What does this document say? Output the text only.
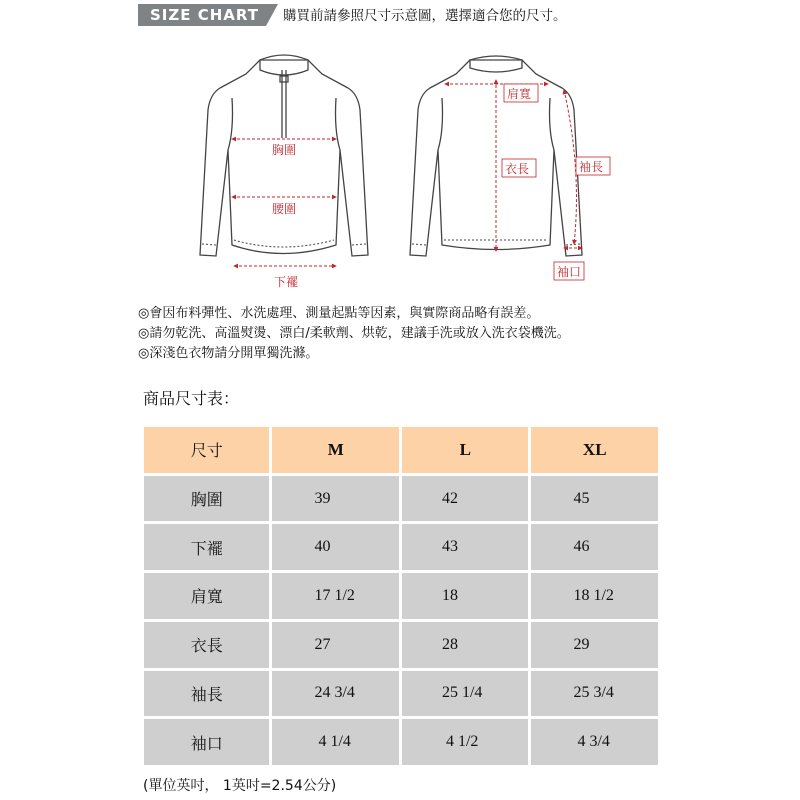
SIZE CHART 購買前請參照尺寸示意圖，選擇適合您的尺寸。
胸圍
腰圍
下襬
肩寬
衣長	袖長
袖口
◎會因布料彈性、水洗處理、測量起點等因素，與實際商品略有誤差。
◎請勿乾洗、高溫熨燙、漂白/柔軟劑、烘乾，建議手洗或放入洗衣袋機洗。
◎深淺色衣物請分開單獨洗滌。
商品尺寸表：
尺寸	M	L	XL
胸圍	39	42	45
下襬	40	43	46
肩寬	17 1/2	18	18 1/2
衣長	27	28	29
袖長	24 3/4	25 1/4	25 3/4
袖口	4 1/4	4 1/2	4 3/4
(單位英吋， 1英吋=2.54公分)
